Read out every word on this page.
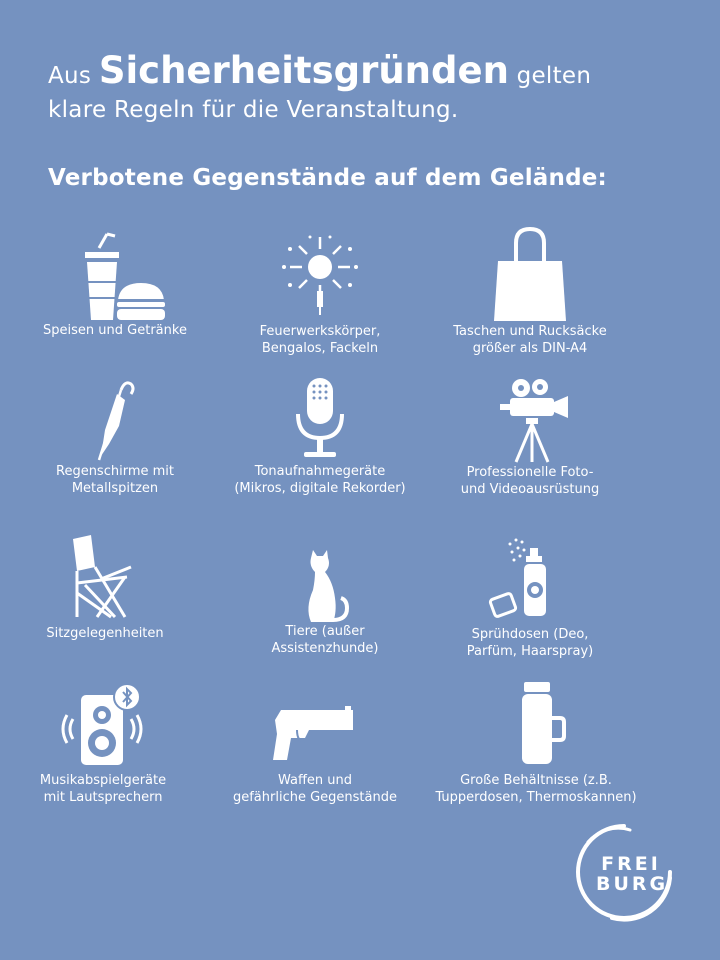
Aus Sicherheitsgründen gelten
klare Regeln für die Veranstaltung.
Verbotene Gegenstände auf dem Gelände:
Speisen und Getränke	Feuerwerkskörper,
Bengalos, Fackeln
Taschen und Rucksäcke
größer als DIN-A4
Regenschirme mit
Metallspitzen
Tonaufnahmegeräte
(Mikros, digitale Rekorder)
Professionelle Foto-
und Videoausrüstung
Sitzgelegenheiten	Tiere (außer
Assistenzhunde)
Sprühdosen (Deo,
Parfüm, Haarspray)
Musikabspielgeräte
mit Lautsprechern
Waffen und
gefährliche Gegenstände
Große Behältnisse (z.B.
Tupperdosen, Thermoskannen)
FREI
BURG
